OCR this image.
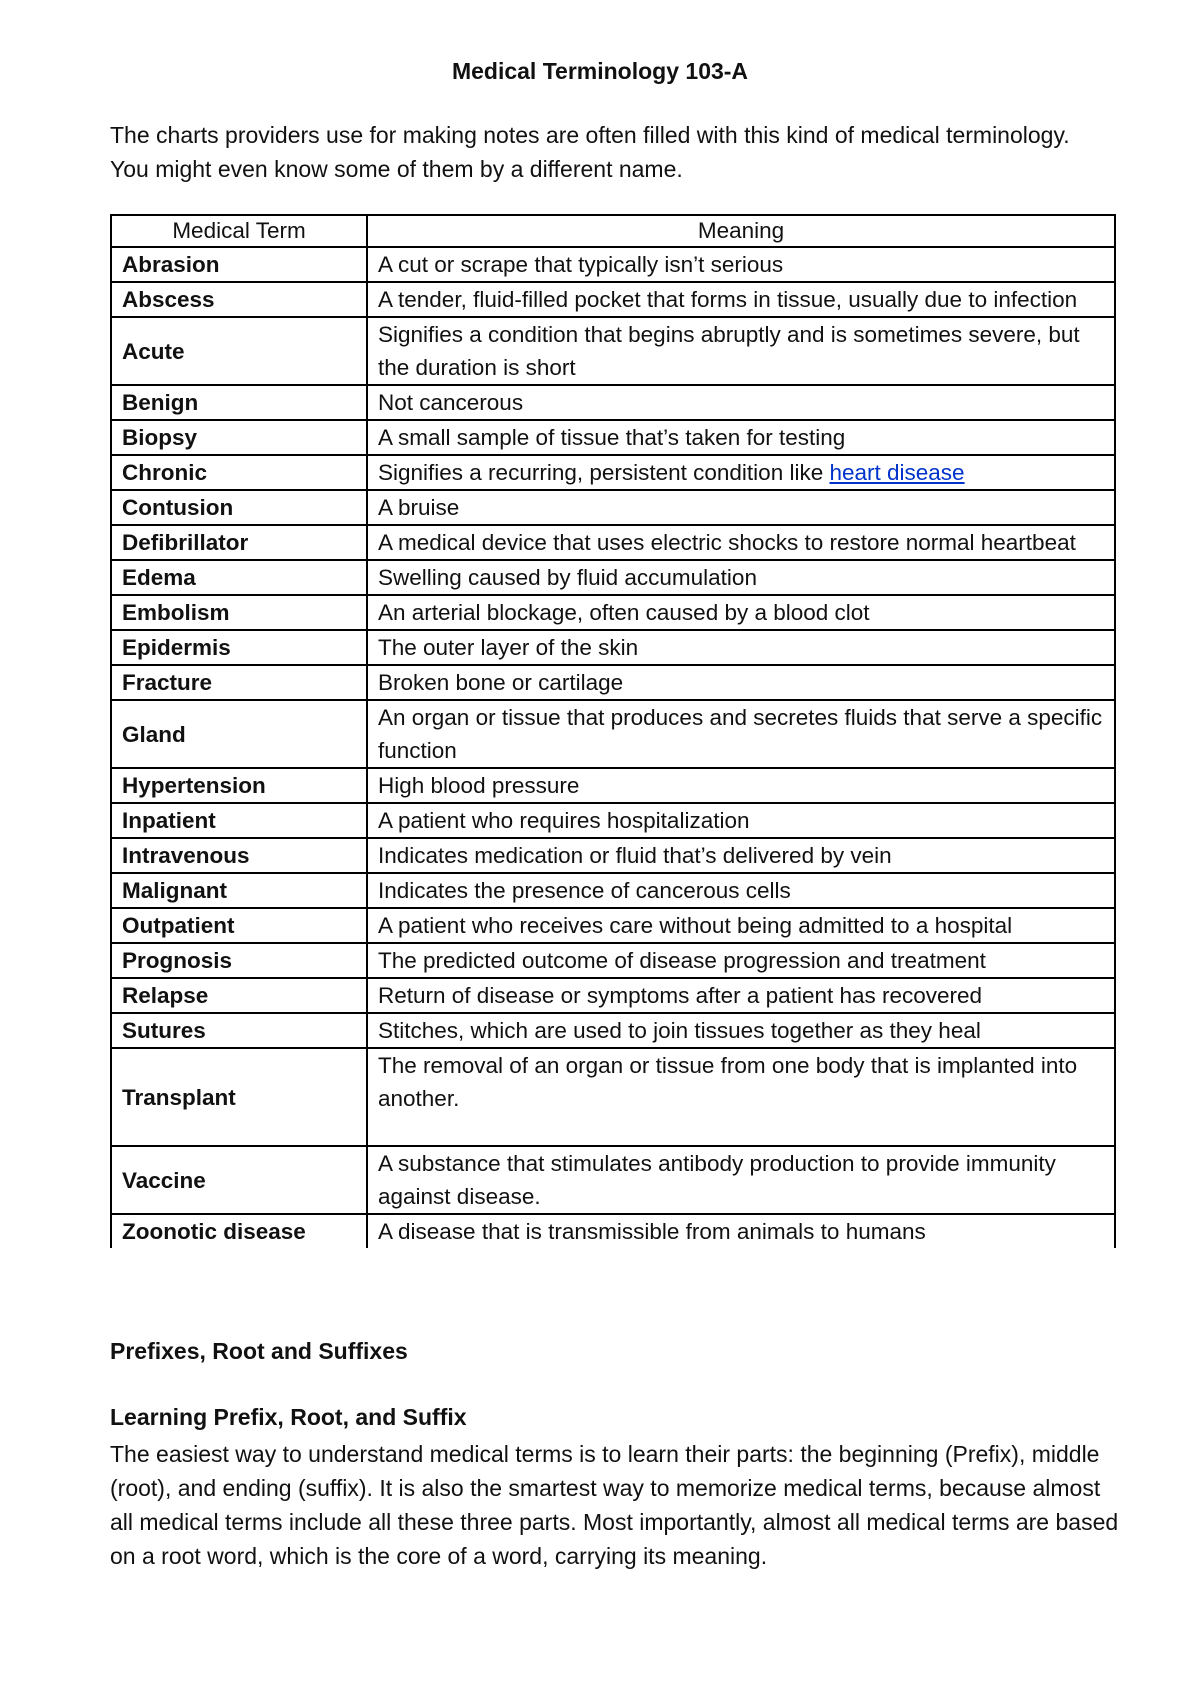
Medical Terminology 103-A

The charts providers use for making notes are often filled with this kind of medical terminology. You might even know some of them by a different name.

Medical Term	Meaning
Abrasion	A cut or scrape that typically isn’t serious
Abscess	A tender, fluid-filled pocket that forms in tissue, usually due to infection
Acute	Signifies a condition that begins abruptly and is sometimes severe, but the duration is short
Benign	Not cancerous
Biopsy	A small sample of tissue that’s taken for testing
Chronic	Signifies a recurring, persistent condition like heart disease
Contusion	A bruise
Defibrillator	A medical device that uses electric shocks to restore normal heartbeat
Edema	Swelling caused by fluid accumulation
Embolism	An arterial blockage, often caused by a blood clot
Epidermis	The outer layer of the skin
Fracture	Broken bone or cartilage
Gland	An organ or tissue that produces and secretes fluids that serve a specific function
Hypertension	High blood pressure
Inpatient	A patient who requires hospitalization
Intravenous	Indicates medication or fluid that’s delivered by vein
Malignant	Indicates the presence of cancerous cells
Outpatient	A patient who receives care without being admitted to a hospital
Prognosis	The predicted outcome of disease progression and treatment
Relapse	Return of disease or symptoms after a patient has recovered
Sutures	Stitches, which are used to join tissues together as they heal
Transplant	The removal of an organ or tissue from one body that is implanted into another.
Vaccine	A substance that stimulates antibody production to provide immunity against disease.
Zoonotic disease	A disease that is transmissible from animals to humans
Prefixes, Root and Suffixes
Learning Prefix, Root, and Suffix

The easiest way to understand medical terms is to learn their parts: the beginning (Prefix), middle (root), and ending (suffix). It is also the smartest way to memorize medical terms, because almost all medical terms include all these three parts. Most importantly, almost all medical terms are based on a root word, which is the core of a word, carrying its meaning.
